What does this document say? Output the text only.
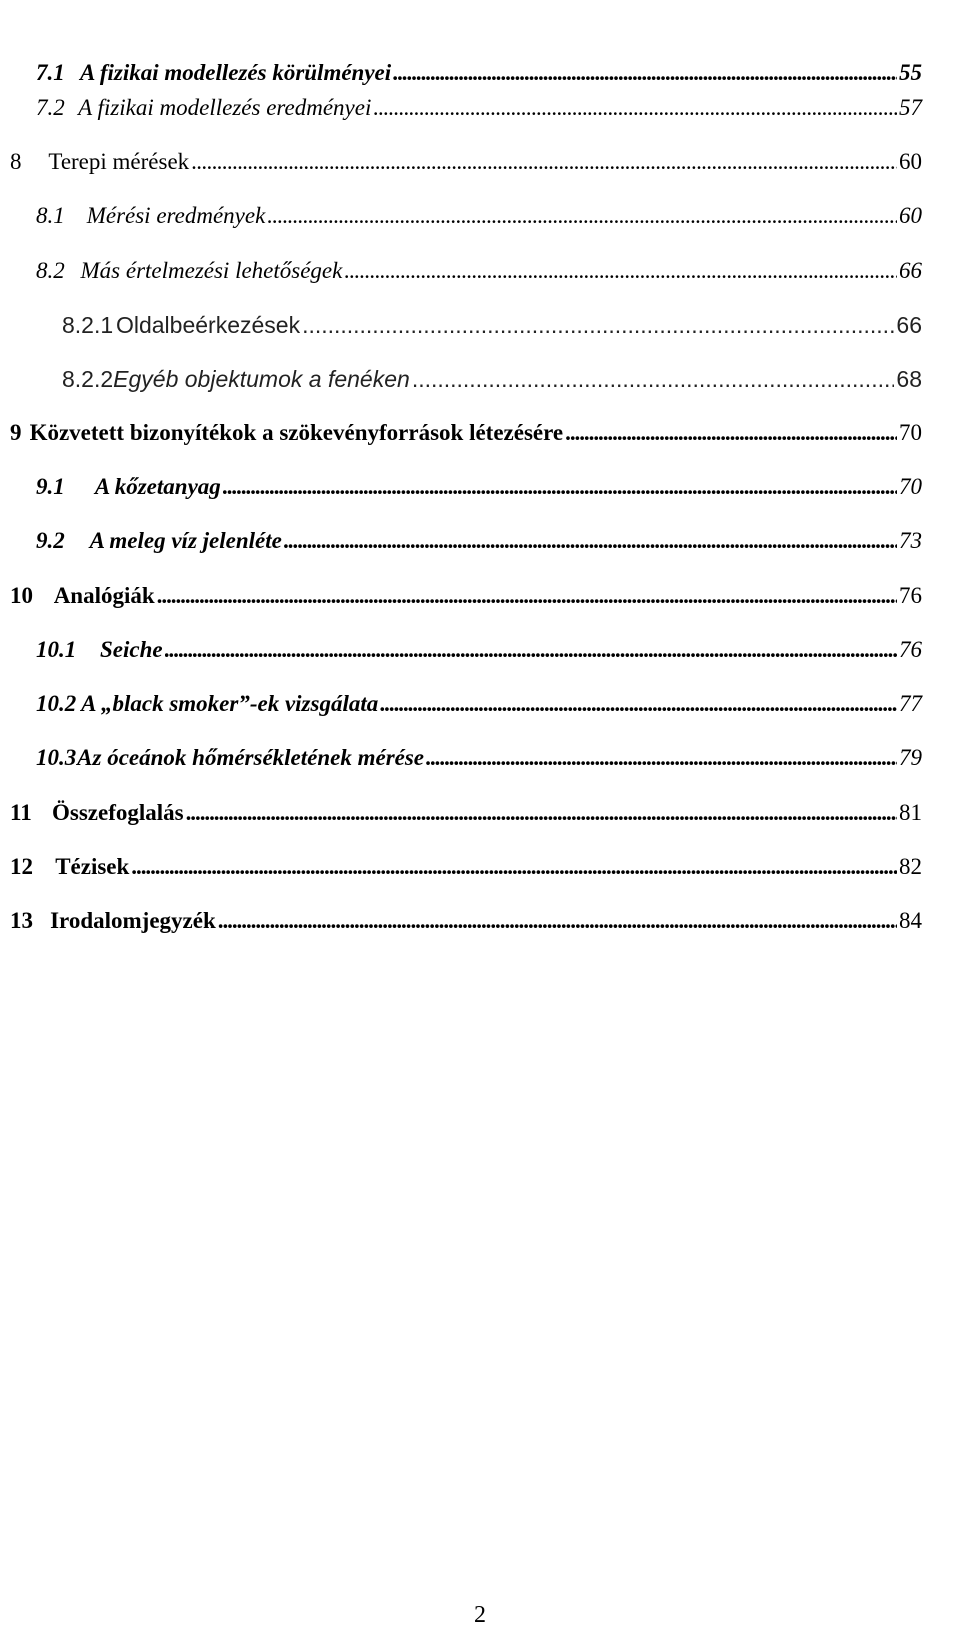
7.1 A fizikai modellezés körülményei . . .	55
7.2 A fizikai modellezés eredményei . . .	57
8	Terepi mérések . . .	60
8.1 Mérési eredmények . . .	60
8.2 Más értelmezési lehetőségek . . .	66
8.2.1 Oldalbeérkezések . . .	66
8.2.2 Egyéb objektumok a fenéken . . .	68
9 Közvetett bizonyítékok a szökevényforrások létezésére . . .	70
9.1	A kőzetanyag . . .	70
9.2	A meleg víz jelenléte . . .	73
10 Analógiák . . .	76
10.1	Seiche . . .	76
10.2 A „black smoker”-ek vizsgálata . . .	77
10.3 Az óceánok hőmérsékletének mérése . . .	79
11 Összefoglalás . . .	81
12 Tézisek . . .	82
13 Irodalomjegyzék . . .	84
2
